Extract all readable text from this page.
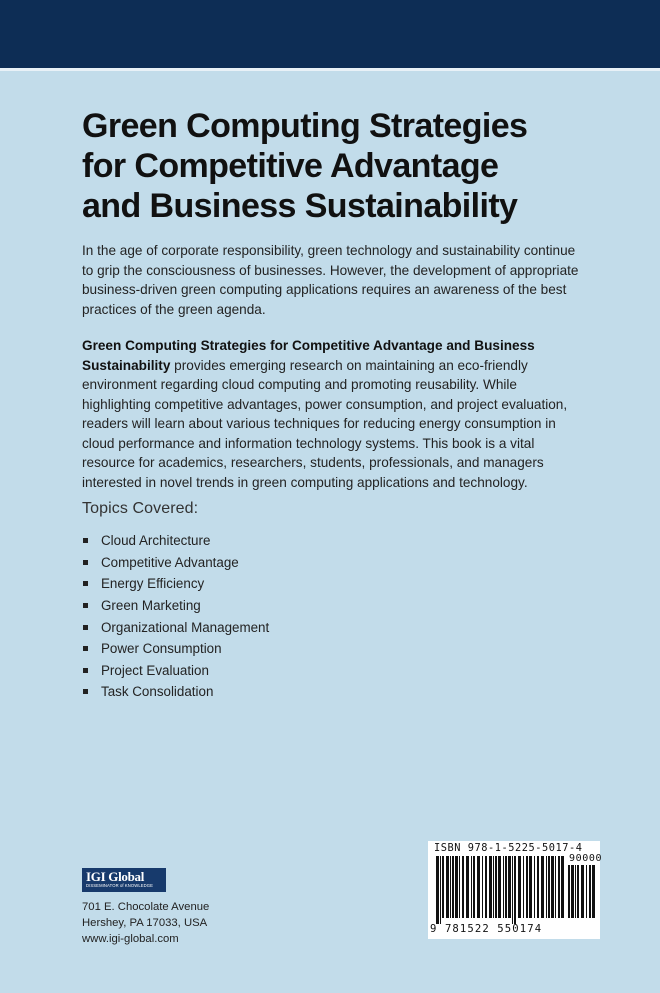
Green Computing Strategies
for Competitive Advantage
and Business Sustainability

In the age of corporate responsibility, green technology and sustainability continue to grip the consciousness of businesses. However, the development of appropriate business-driven green computing applications requires an awareness of the best practices of the green agenda.

Green Computing Strategies for Competitive Advantage and Business Sustainability provides emerging research on maintaining an eco-friendly environment regarding cloud computing and promoting reusability. While highlighting competitive advantages, power consumption, and project evaluation, readers will learn about various techniques for reducing energy consumption in cloud performance and information technology systems. This book is a vital resource for academics, researchers, students, professionals, and managers interested in novel trends in green computing applications and technology.

Topics Covered:

Cloud Architecture
Competitive Advantage
Energy Efficiency
Green Marketing
Organizational Management
Power Consumption
Project Evaluation
Task Consolidation
IGI Global
DISSEMINATOR of KNOWLEDGE

701 E. Chocolate Avenue
Hershey, PA 17033, USA
www.igi-global.com

ISBN 978-1-5225-5017-4
90000
9 781522 550174
